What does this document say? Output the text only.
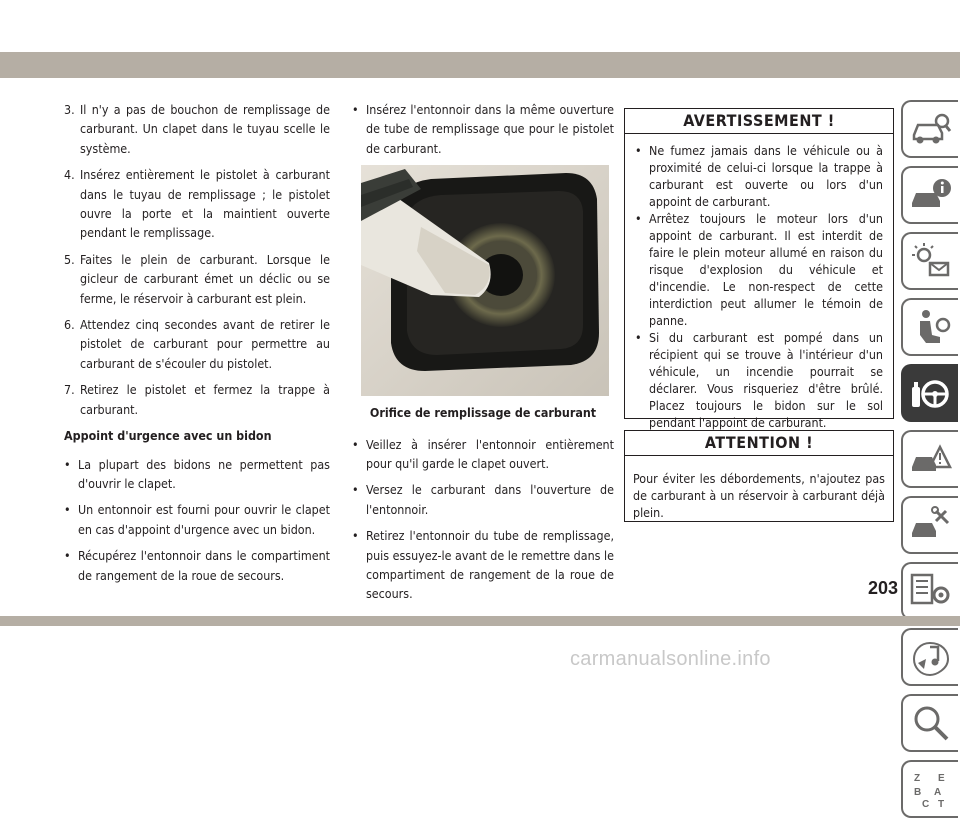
3. Il n'y a pas de bouchon de remplissage de carburant. Un clapet dans le tuyau scelle le système.
4. Insérez entièrement le pistolet à carburant dans le tuyau de remplissage ; le pistolet ouvre la porte et la maintient ouverte pendant le remplissage.
5. Faites le plein de carburant. Lorsque le gicleur de carburant émet un déclic ou se ferme, le réservoir à carburant est plein.
6. Attendez cinq secondes avant de retirer le pistolet de carburant pour permettre au carburant de s'écouler du pistolet.
7. Retirez le pistolet et fermez la trappe à carburant.
Appoint d'urgence avec un bidon
• La plupart des bidons ne permettent pas d'ouvrir le clapet.
• Un entonnoir est fourni pour ouvrir le clapet en cas d'appoint d'urgence avec un bidon.
• Récupérez l'entonnoir dans le compartiment de rangement de la roue de secours.
• Insérez l'entonnoir dans la même ouverture de tube de remplissage que pour le pistolet de carburant.
Orifice de remplissage de carburant
• Veillez à insérer l'entonnoir entièrement pour qu'il garde le clapet ouvert.
• Versez le carburant dans l'ouverture de l'entonnoir.
• Retirez l'entonnoir du tube de remplissage, puis essuyez-le avant de le remettre dans le compartiment de rangement de la roue de secours.
AVERTISSEMENT !
• Ne fumez jamais dans le véhicule ou à proximité de celui-ci lorsque la trappe à carburant est ouverte ou lors d'un appoint de carburant.
• Arrêtez toujours le moteur lors d'un appoint de carburant. Il est interdit de faire le plein moteur allumé en raison du risque d'explosion du véhicule et d'incendie. Le non-respect de cette interdiction peut allumer le témoin de panne.
• Si du carburant est pompé dans un récipient qui se trouve à l'intérieur d'un véhicule, un incendie pourrait se déclarer. Vous risqueriez d'être brûlé. Placez toujours le bidon sur le sol pendant l'appoint de carburant.
ATTENTION !
Pour éviter les débordements, n'ajoutez pas de carburant à un réservoir à carburant déjà plein.
Z E
B A
C T
203
carmanualsonline.info
